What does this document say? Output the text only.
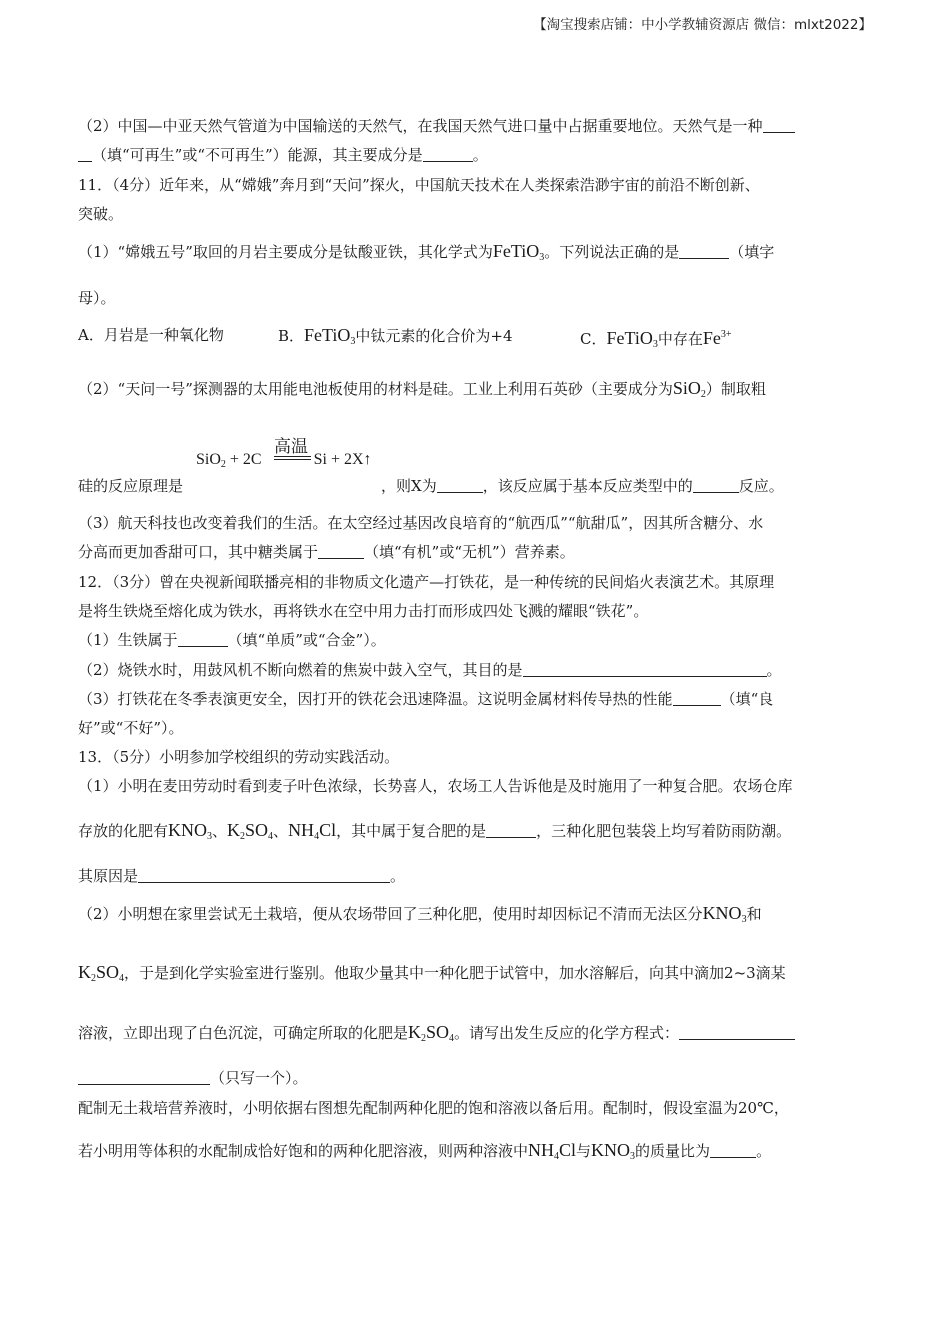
【淘宝搜索店铺：中小学教辅资源店 微信：mlxt2022】
（2）中国—中亚天然气管道为中国输送的天然气，在我国天然气进口量中占据重要地位。天然气是一种
（填“可再生”或“不可再生”）能源，其主要成分是	。
11．（4分）近年来，从“嫦娥”奔月到“天问”探火，中国航天技术在人类探索浩渺宇宙的前沿不断创新、
突破。
（1）“嫦娥五号”取回的月岩主要成分是钛酸亚铁，其化学式为FeTiO$_3$。下列说法正确的是	（填字
母）。
A．月岩是一种氧化物	B．FeTiO$_3$中钛元素的化合价为+4	C．FeTiO$_3$中存在$Fe^{3+}$
（2）“天问一号”探测器的太用能电池板使用的材料是硅。工业上利用石英砂（主要成分为SiO$_2$）制取粗
高温
SiO$_2$ + 2C	Si + 2X↑
硅的反应原理是	，则X为	，该反应属于基本反应类型中的	反应。
（3）航天科技也改变着我们的生活。在太空经过基因改良培育的“航西瓜”“航甜瓜”，因其所含糖分、水
分高而更加香甜可口，其中糖类属于	（填“有机”或“无机”）营养素。
12．（3分）曾在央视新闻联播亮相的非物质文化遗产—打铁花，是一种传统的民间焰火表演艺术。其原理
是将生铁烧至熔化成为铁水，再将铁水在空中用力击打而形成四处飞溅的耀眼“铁花”。
（1）生铁属于	（填“单质”或“合金”）。
（2）烧铁水时，用鼓风机不断向燃着的焦炭中鼓入空气，其目的是	。
（3）打铁花在冬季表演更安全，因打开的铁花会迅速降温。这说明金属材料传导热的性能	（填“良
好”或“不好”）。
13．（5分）小明参加学校组织的劳动实践活动。
（1）小明在麦田劳动时看到麦子叶色浓绿，长势喜人，农场工人告诉他是及时施用了一种复合肥。农场仓库
存放的化肥有$KNO_3$、$K_2SO_4$、$NH_4Cl$，其中属于复合肥的是	，三种化肥包装袋上均写着防雨防潮。
其原因是	。
（2）小明想在家里尝试无土栽培，便从农场带回了三种化肥，使用时却因标记不清而无法区分$KNO_3$和
$K_2SO_4$，于是到化学实验室进行鉴别。他取少量其中一种化肥于试管中，加水溶解后，向其中滴加2~3滴某
溶液，立即出现了白色沉淀，可确定所取的化肥是$K_2SO_4$。请写出发生反应的化学方程式：
（只写一个）。
配制无土栽培营养液时，小明依据右图想先配制两种化肥的饱和溶液以备后用。配制时，假设室温为20℃，
若小明用等体积的水配制成恰好饱和的两种化肥溶液，则两种溶液中$NH_4Cl$与$KNO_3$的质量比为	。
